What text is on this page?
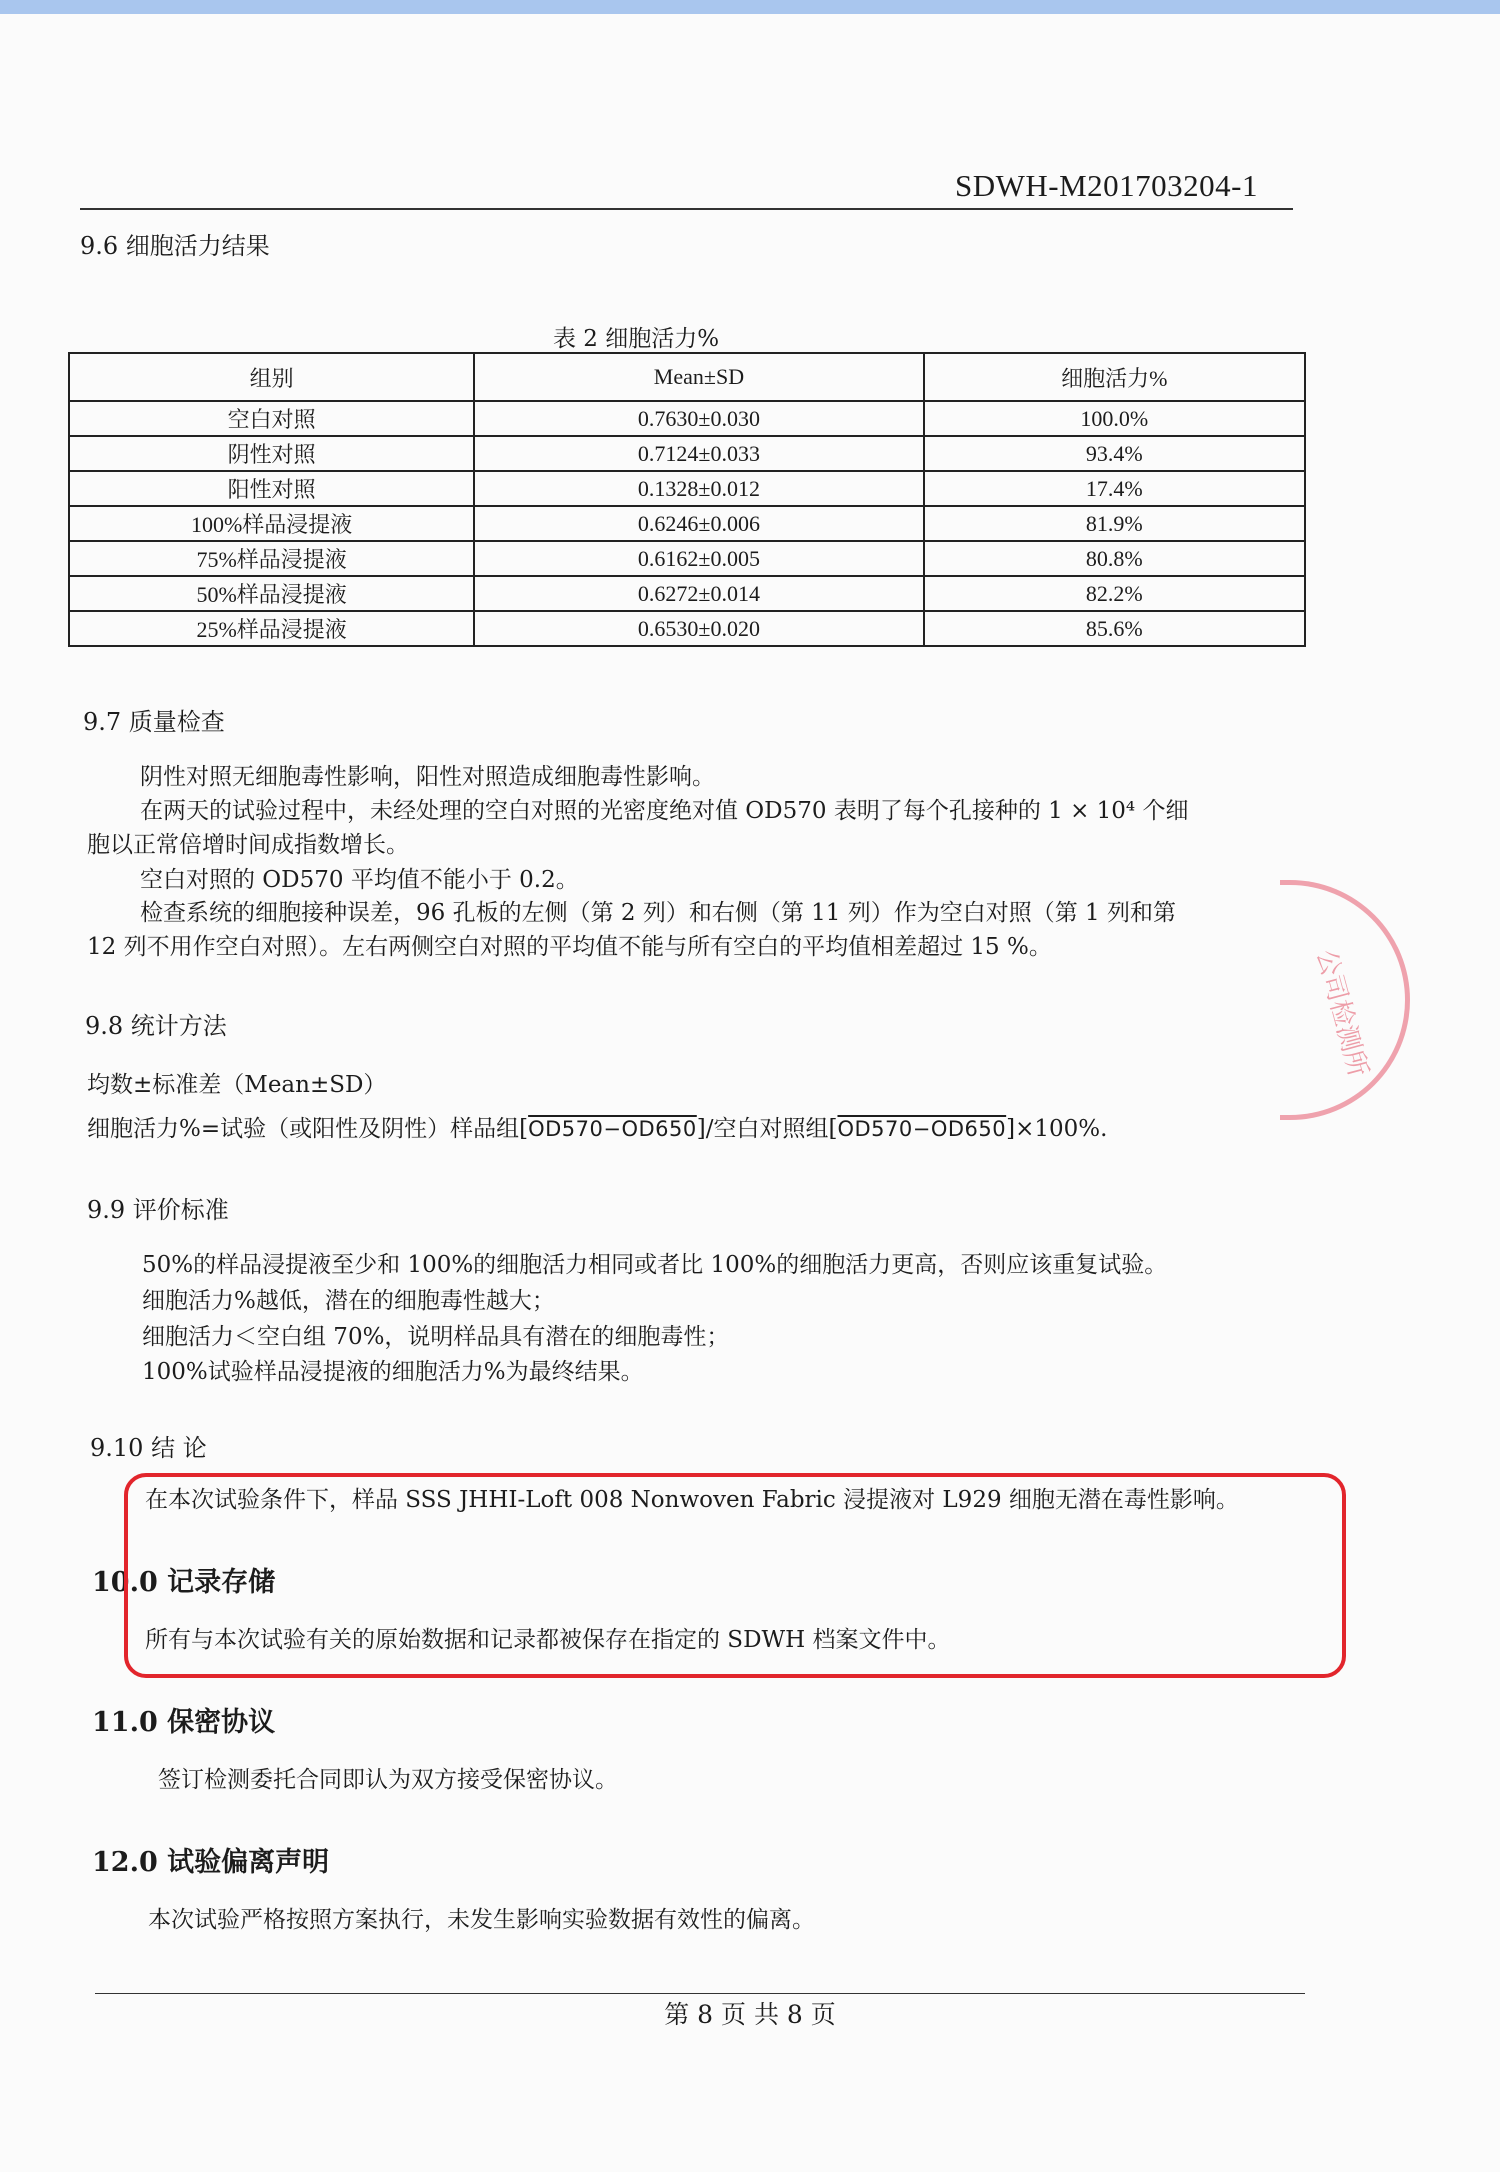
SDWH-M201703204-1
9.6 细胞活力结果
表 2 细胞活力%
组别	Mean±SD	细胞活力%
空白对照	0.7630±0.030	100.0%
阴性对照	0.7124±0.033	93.4%
阳性对照	0.1328±0.012	17.4%
100%样品浸提液	0.6246±0.006	81.9%
75%样品浸提液	0.6162±0.005	80.8%
50%样品浸提液	0.6272±0.014	82.2%
25%样品浸提液	0.6530±0.020	85.6%
9.7 质量检查
阴性对照无细胞毒性影响，阳性对照造成细胞毒性影响。
在两天的试验过程中，未经处理的空白对照的光密度绝对值 OD570 表明了每个孔接种的 1 × 10⁴ 个细
胞以正常倍增时间成指数增长。
空白对照的 OD570 平均值不能小于 0.2。
检查系统的细胞接种误差，96 孔板的左侧（第 2 列）和右侧（第 11 列）作为空白对照（第 1 列和第
12 列不用作空白对照）。左右两侧空白对照的平均值不能与所有空白的平均值相差超过 15 %。
9.8 统计方法
均数±标准差（Mean±SD）
细胞活力%=试验（或阳性及阴性）样品组[OD570−OD650]/空白对照组[OD570−OD650]×100%.
9.9 评价标准
50%的样品浸提液至少和 100%的细胞活力相同或者比 100%的细胞活力更高，否则应该重复试验。
细胞活力%越低，潜在的细胞毒性越大；
细胞活力＜空白组 70%，说明样品具有潜在的细胞毒性；
100%试验样品浸提液的细胞活力%为最终结果。
9.10 结 论
在本次试验条件下，样品 SSS JHHI-Loft 008 Nonwoven Fabric 浸提液对 L929 细胞无潜在毒性影响。
10.0 记录存储
所有与本次试验有关的原始数据和记录都被保存在指定的 SDWH 档案文件中。
11.0 保密协议
签订检测委托合同即认为双方接受保密协议。
12.0 试验偏离声明
本次试验严格按照方案执行，未发生影响实验数据有效性的偏离。
第 8 页 共 8 页
公司检测所
